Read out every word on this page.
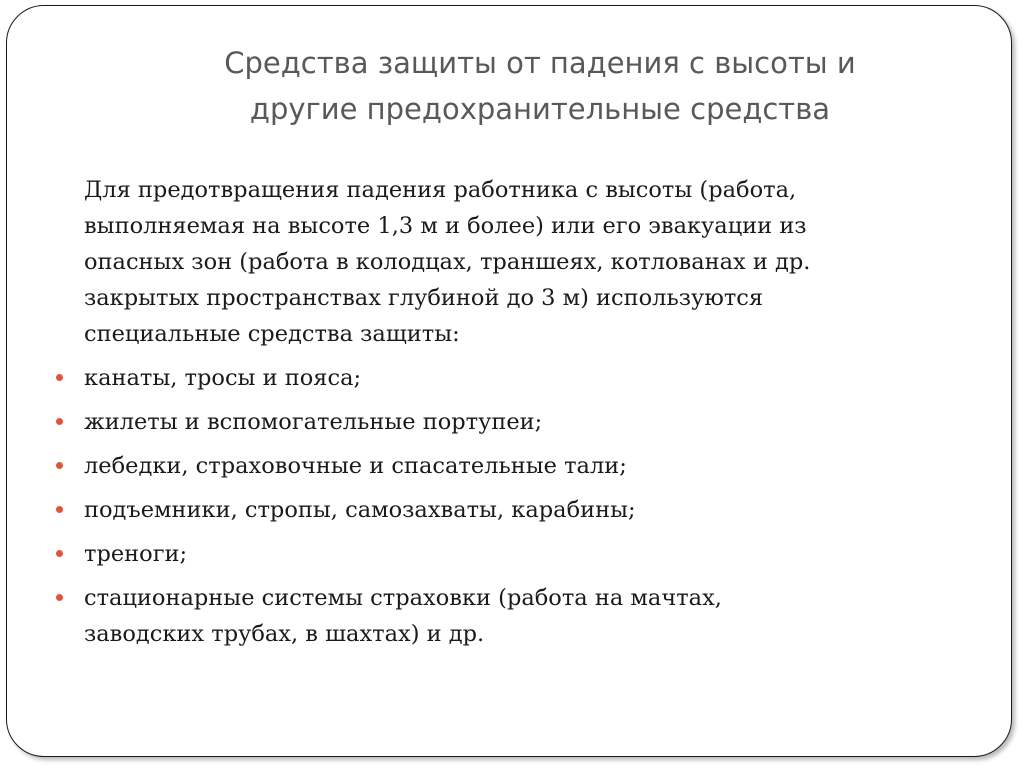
Средства защиты от падения с высоты и
другие предохранительные средства

Для предотвращения падения работника с высоты (работа,
выполняемая на высоте 1,3 м и более) или его эвакуации из
опасных зон (работа в колодцах, траншеях, котлованах и др.
закрытых пространствах глубиной до 3 м) используются
специальные средства защиты:

канаты, тросы и пояса;
жилеты и вспомогательные портупеи;
лебедки, страховочные и спасательные тали;
подъемники, стропы, самозахваты, карабины;
треноги;
стационарные системы страховки (работа на мачтах,
заводских трубах, в шахтах) и др.
